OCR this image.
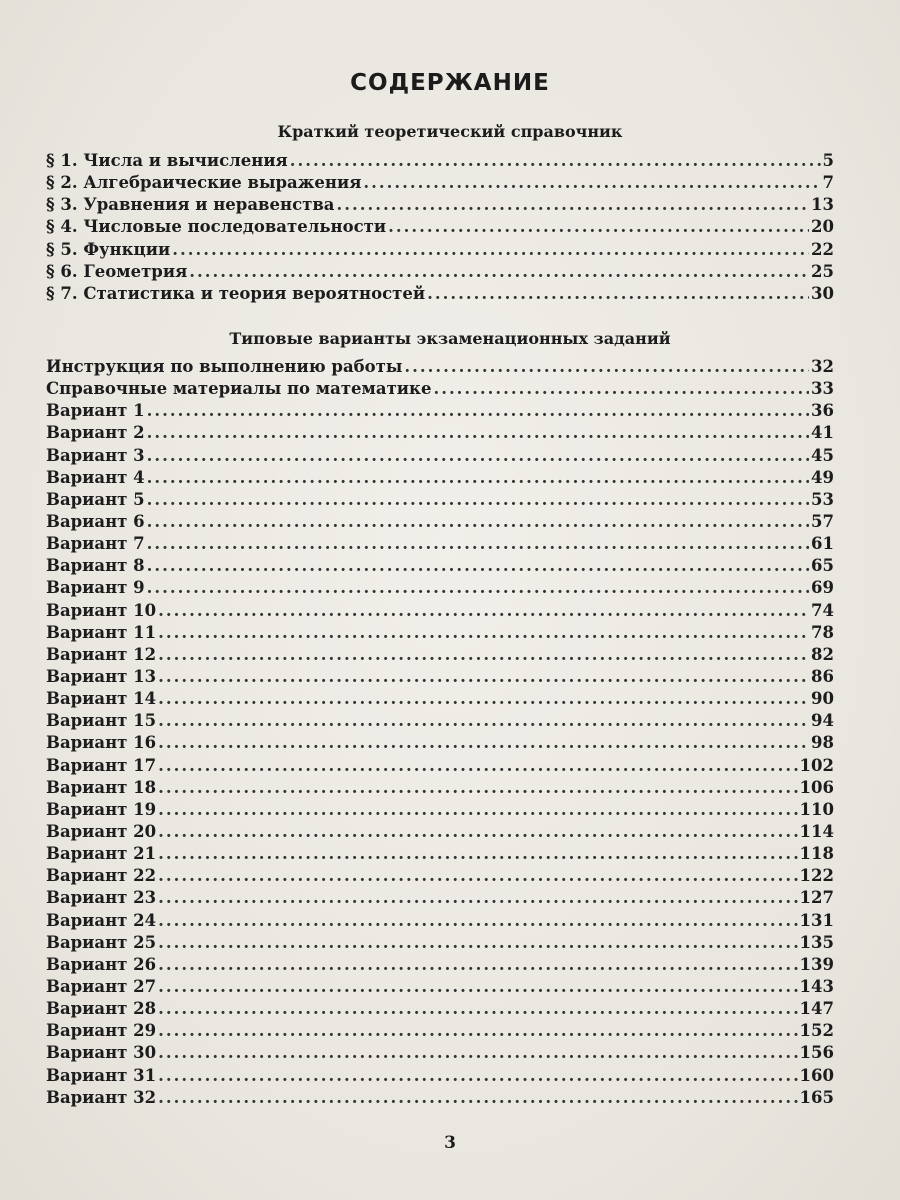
СОДЕРЖАНИЕ
Краткий теоретический справочник
§ 1. Числа и вычисления .....	5
§ 2. Алгебраические выражения .....	7
§ 3. Уравнения и неравенства .....	13
§ 4. Числовые последовательности .....	20
§ 5. Функции .....	22
§ 6. Геометрия .....	25
§ 7. Статистика и теория вероятностей .....	30
Типовые варианты экзаменационных заданий
Инструкция по выполнению работы .....	32
Справочные материалы по математике .....	33
Вариант 1 .....	36
Вариант 2 .....	41
Вариант 3 .....	45
Вариант 4 .....	49
Вариант 5 .....	53
Вариант 6 .....	57
Вариант 7 .....	61
Вариант 8 .....	65
Вариант 9 .....	69
Вариант 10 .....	74
Вариант 11 .....	78
Вариант 12 .....	82
Вариант 13 .....	86
Вариант 14 .....	90
Вариант 15 .....	94
Вариант 16 .....	98
Вариант 17 .....	102
Вариант 18 .....	106
Вариант 19 .....	110
Вариант 20 .....	114
Вариант 21 .....	118
Вариант 22 .....	122
Вариант 23 .....	127
Вариант 24 .....	131
Вариант 25 .....	135
Вариант 26 .....	139
Вариант 27 .....	143
Вариант 28 .....	147
Вариант 29 .....	152
Вариант 30 .....	156
Вариант 31 .....	160
Вариант 32 .....	165
3
